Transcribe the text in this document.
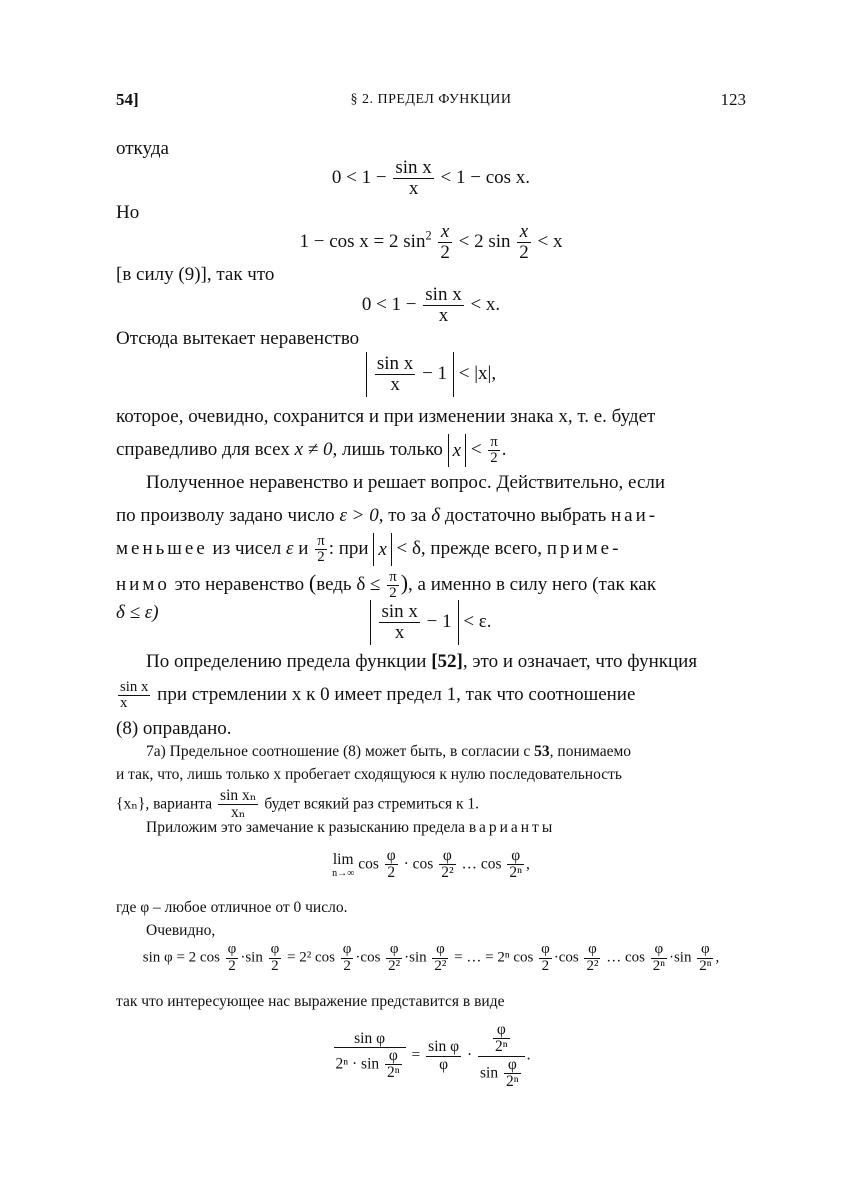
54]	§ 2. ПРЕДЕЛ ФУНКЦИИ	123
откуда
$0 < 1 - \frac{\text{sin x}}{x} < 1 - \cos x$.
Но
1 − cos x = 2 $\sin^2 \frac{x}{2} < 2$ $\sin \frac{x}{2} < x$
[в силу (9)], так что
$0 < 1 - \frac{\text{sin x}}{x} < x$.
Отсюда вытекает неравенство
$\frac{\text{sin x}}{x} - 1 < |x|$,
которое, очевидно, сохранится и при изменении знака x, т. е. будет
справедливо для всех x ≠ 0, лишь только $x < \frac{\pi}{2}$ .
Полученное неравенство и решает вопрос. Действительно, если
по произволу задано число ε > 0, то за δ достаточно выбрать наи-
меньшее из чисел ε и $\frac{\pi}{2}$ : при x < δ, прежде всего, приме-
нимо это неравенство (ведь $\delta \le \frac{\pi}{2}$ ), а именно в силу него (так как
δ ≤ ε)	$\frac{\text{sin x}}{x} - 1 < \varepsilon$.
По определению предела функции [52], это и означает, что функция
$\frac{\text{sin x}}{x}$ при стремлении x к 0 имеет предел 1, так что соотношение
(8) оправдано.
7а) Предельное соотношение (8) может быть, в согласии с 53, понимаемо
и так, что, лишь только x пробегает сходящуюся к нулю последовательность
{xₙ}, варианта $\frac{\text{sin xₙ}}{\text{xₙ}}$ будет всякий раз стремиться к 1.
Приложим это замечание к разысканию предела варианты
lim
n→∞
$\cos \frac{\varphi}{2} \cdot \cos \frac{\varphi}{\text{2²}}$ … $\cos \frac{\varphi}{\text{2ⁿ}}$ ,
где φ – любое отличное от 0 число.
Очевидно,
sin φ = 2 $\cos \frac{\varphi}{2} \cdot\sin \frac{\varphi}{2} = 2^2$ $\cos \frac{\varphi}{2} \cdot\cos \frac{\varphi}{\text{2²}} \cdot\sin \frac{\varphi}{\text{2²}}$ = … = 2ⁿ $\cos \frac{\varphi}{2} \cdot\cos \frac{\varphi}{\text{2²}}$ … $\cos \frac{\varphi}{\text{2ⁿ}} \cdot\sin \frac{\varphi}{\text{2ⁿ}}$ ,
так что интересующее нас выражение представится в виде
$\frac{\text{sin φ}}{2^n \cdot \sin \frac{\varphi}{\text{2ⁿ}}} = \frac{\text{sin φ}}{\varphi} \cdot \frac{\frac{\varphi}{\text{2ⁿ}}}{\sin \frac{\varphi}{\text{2ⁿ}}}$ .
